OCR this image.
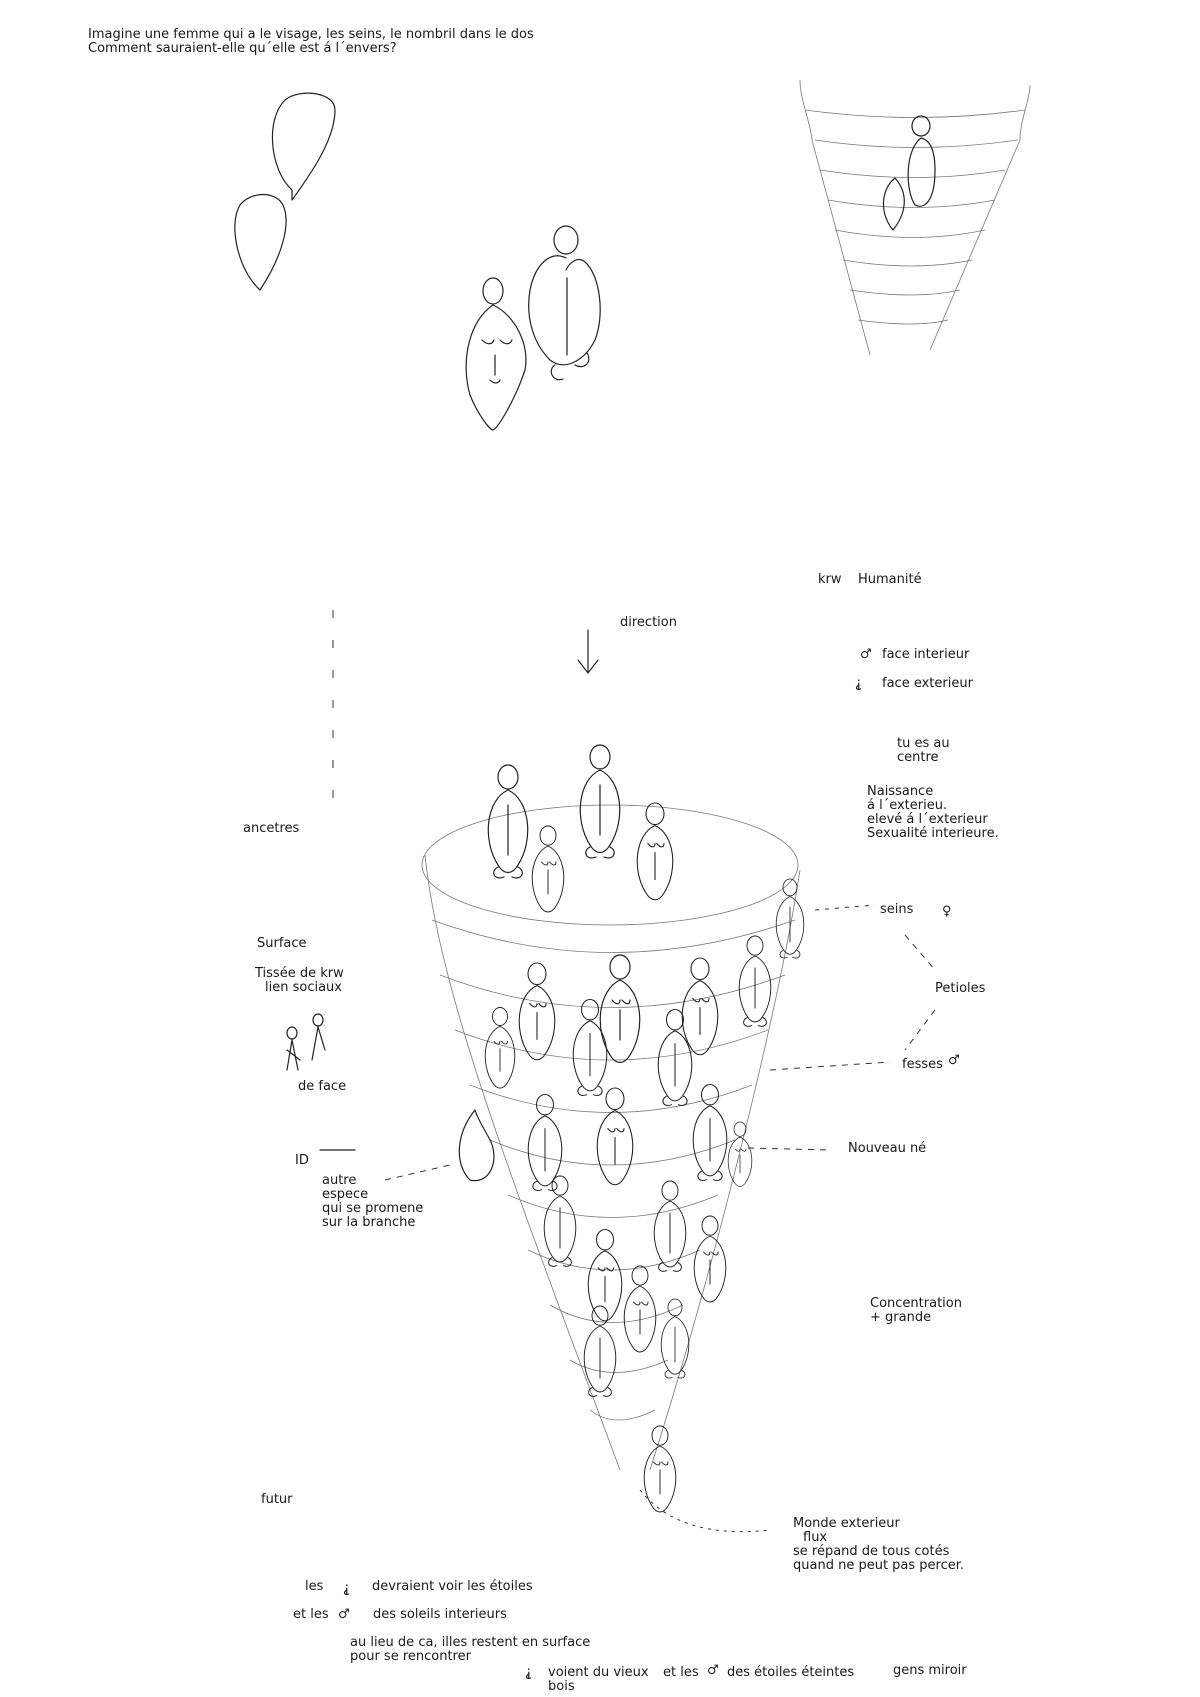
Imagine une femme qui a le visage, les seins, le nombril dans le dos
Comment sauraient-elle qu´elle est á l´envers?
krw Humanité
direction
♂ face interieur
⸘ face exterieur
tu es au
centre
Naissance
á l´exterieu.
elevé á l´exterieur
Sexualité interieure.
ancetres
seins ♀
Petioles
Surface
Tissée de krw
lien sociaux
de face
fesses ♂
ID
autre
espece
qui se promene
sur la branche
Nouveau né
Concentration
+ grande
futur
Monde exterieur
flux
se répand de tous cotés
quand ne peut pas percer.
les ⸘ devraient voir les étoiles
et les ♂ des soleils interieurs
au lieu de ca, illes restent en surface
pour se rencontrer
⸘ voient du vieux
bois
et les ♂ des étoiles éteintes	gens miroir
